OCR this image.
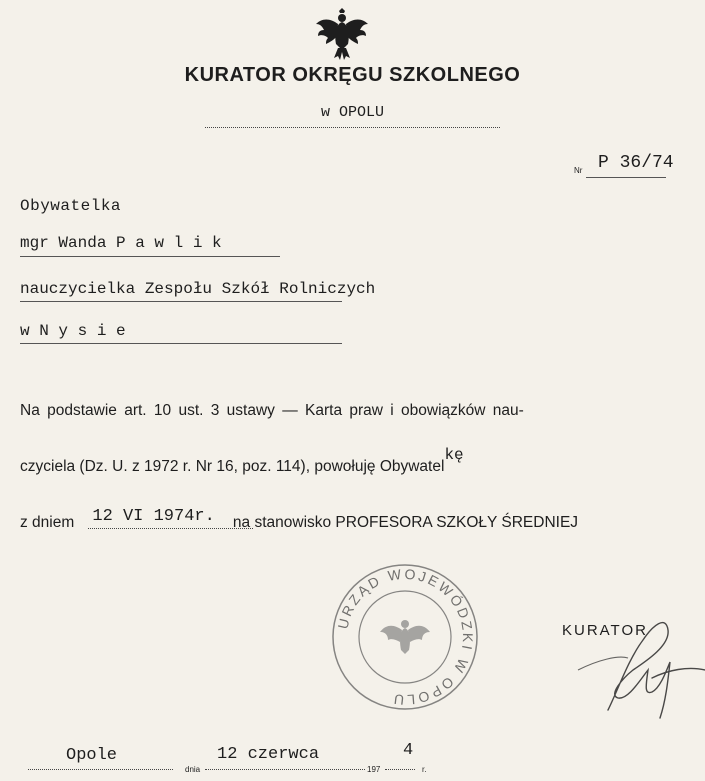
KURATOR OKRĘGU SZKOLNEGO
w OPOLU
Nr P 36/74
Obywatelka
mgr Wanda P a w l i k
nauczycielka Zespołu Szkół Rolniczych
w N y s i e
Na podstawie art. 10 ust. 3 ustawy — Karta praw i obowiązków nau-
czyciela (Dz. U. z 1972 r. Nr 16, poz. 114), powołuję Obywatelkę
z dniem 12 VI 1974r. na stanowisko PROFESORA SZKOŁY ŚREDNIEJ
URZĄD WOJEWÓDZKI W OPOLU
KURATOR
Opole
dnia
12 czerwca
197
4
r.
